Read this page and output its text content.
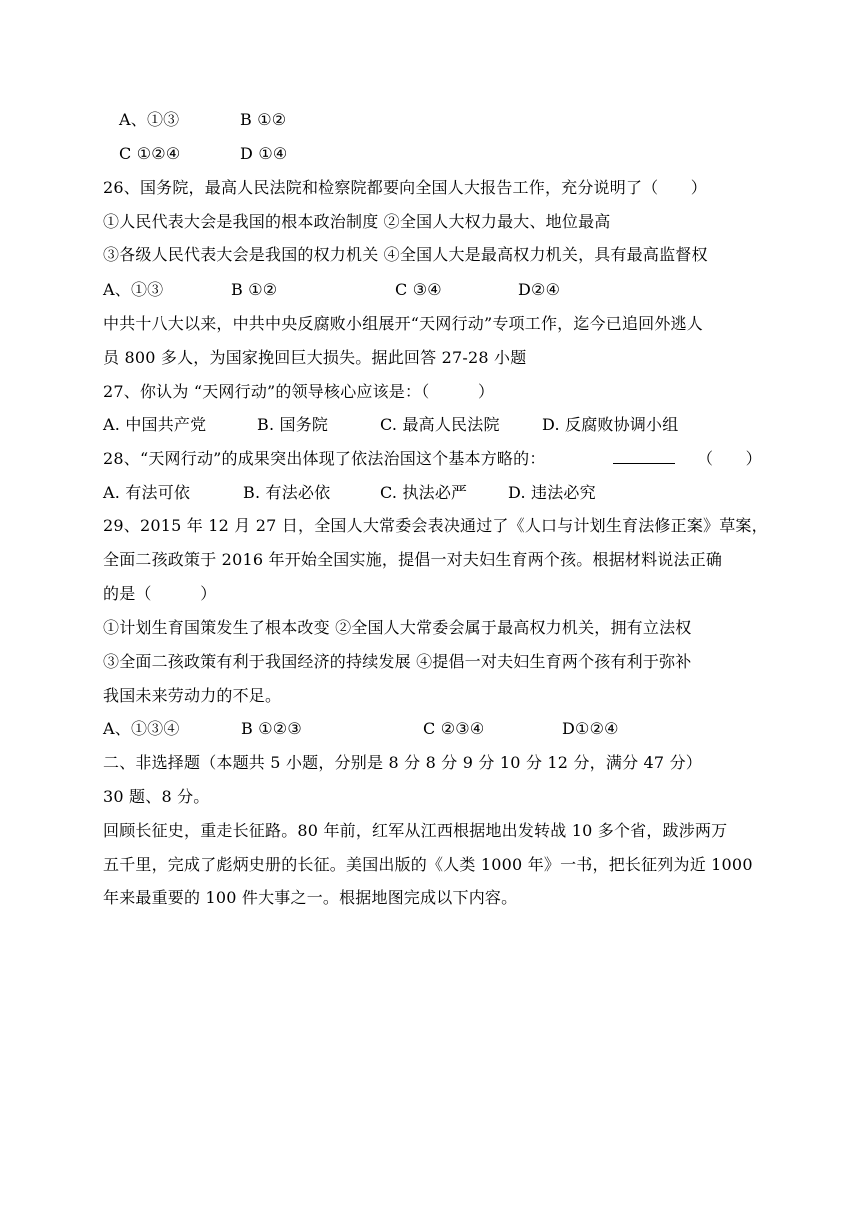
A、①③	B ①②
C ①②④	D ①④
26、国务院，最高人民法院和检察院都要向全国人大报告工作，充分说明了（　　）
①人民代表大会是我国的根本政治制度 ②全国人大权力最大、地位最高
③各级人民代表大会是我国的权力机关 ④全国人大是最高权力机关，具有最高监督权
A、①③	B ①②	C ③④	D②④
中共十八大以来，中共中央反腐败小组展开“天网行动”专项工作，迄今已追回外逃人
员 800 多人，为国家挽回巨大损失。据此回答 27-28 小题
27、你认为 “天网行动”的领导核心应该是：（　　　）
A. 中国共产党	B. 国务院	C. 最高人民法院	D. 反腐败协调小组
28、“天网行动”的成果突出体现了依法治国这个基本方略的：	（　　）
A. 有法可依	B. 有法必依	C. 执法必严	D. 违法必究
29、2015 年 12 月 27 日，全国人大常委会表决通过了《人口与计划生育法修正案》草案，
全面二孩政策于 2016 年开始全国实施，提倡一对夫妇生育两个孩。根据材料说法正确
的是（　　　）
①计划生育国策发生了根本改变 ②全国人大常委会属于最高权力机关，拥有立法权
③全面二孩政策有利于我国经济的持续发展 ④提倡一对夫妇生育两个孩有利于弥补
我国未来劳动力的不足。
A、①③④	B ①②③	C ②③④	D①②④
二、非选择题（本题共 5 小题，分别是 8 分 8 分 9 分 10 分 12 分，满分 47 分）
30 题、8 分。
回顾长征史，重走长征路。80 年前，红军从江西根据地出发转战 10 多个省，跋涉两万
五千里，完成了彪炳史册的长征。美国出版的《人类 1000 年》一书，把长征列为近 1000
年来最重要的 100 件大事之一。根据地图完成以下内容。
